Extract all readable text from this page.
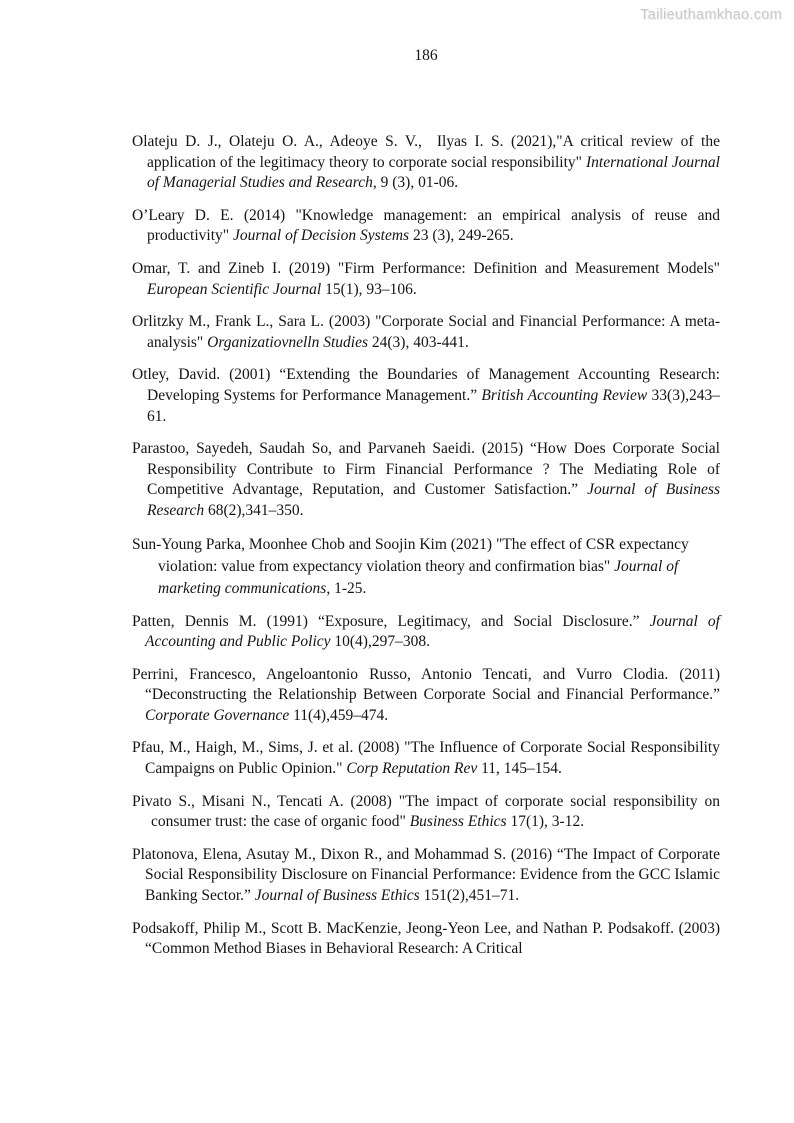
Tailieuthamkhao.com
186

Olateju D. J., Olateju O. A., Adeoye S. V.,  Ilyas I. S. (2021),"A critical review of the application of the legitimacy theory to corporate social responsibility" International Journal of Managerial Studies and Research, 9 (3), 01-06.

O’Leary D. E. (2014) "Knowledge management: an empirical analysis of reuse and productivity" Journal of Decision Systems 23 (3), 249-265.

Omar, T. and Zineb I. (2019) "Firm Performance: Definition and Measurement Models" European Scientific Journal 15(1), 93–106.

Orlitzky M., Frank L., Sara L. (2003) "Corporate Social and Financial Performance: A meta-analysis" Organizatiovnelln Studies 24(3), 403-441.

Otley, David. (2001) “Extending the Boundaries of Management Accounting Research: Developing Systems for Performance Management.” British Accounting Review 33(3),243–61.

Parastoo, Sayedeh, Saudah So, and Parvaneh Saeidi. (2015) “How Does Corporate Social Responsibility Contribute to Firm Financial Performance ? The Mediating Role of Competitive Advantage, Reputation, and Customer Satisfaction.” Journal of Business Research 68(2),341–350.

Sun-Young Parka, Moonhee Chob and Soojin Kim (2021) "The effect of CSR expectancy violation: value from expectancy violation theory and confirmation bias" Journal of marketing communications, 1-25.

Patten, Dennis M. (1991) “Exposure, Legitimacy, and Social Disclosure.” Journal of Accounting and Public Policy 10(4),297–308.

Perrini, Francesco, Angeloantonio Russo, Antonio Tencati, and Vurro Clodia. (2011) “Deconstructing the Relationship Between Corporate Social and Financial Performance.” Corporate Governance 11(4),459–474.

Pfau, M., Haigh, M., Sims, J. et al. (2008) "The Influence of Corporate Social Responsibility Campaigns on Public Opinion." Corp Reputation Rev 11, 145–154.

Pivato S., Misani N., Tencati A. (2008) "The impact of corporate social responsibility on consumer trust: the case of organic food" Business Ethics 17(1), 3-12.

Platonova, Elena, Asutay M., Dixon R., and Mohammad S. (2016) “The Impact of Corporate Social Responsibility Disclosure on Financial Performance: Evidence from the GCC Islamic Banking Sector.” Journal of Business Ethics 151(2),451–71.

Podsakoff, Philip M., Scott B. MacKenzie, Jeong-Yeon Lee, and Nathan P. Podsakoff. (2003) “Common Method Biases in Behavioral Research: A Critical
